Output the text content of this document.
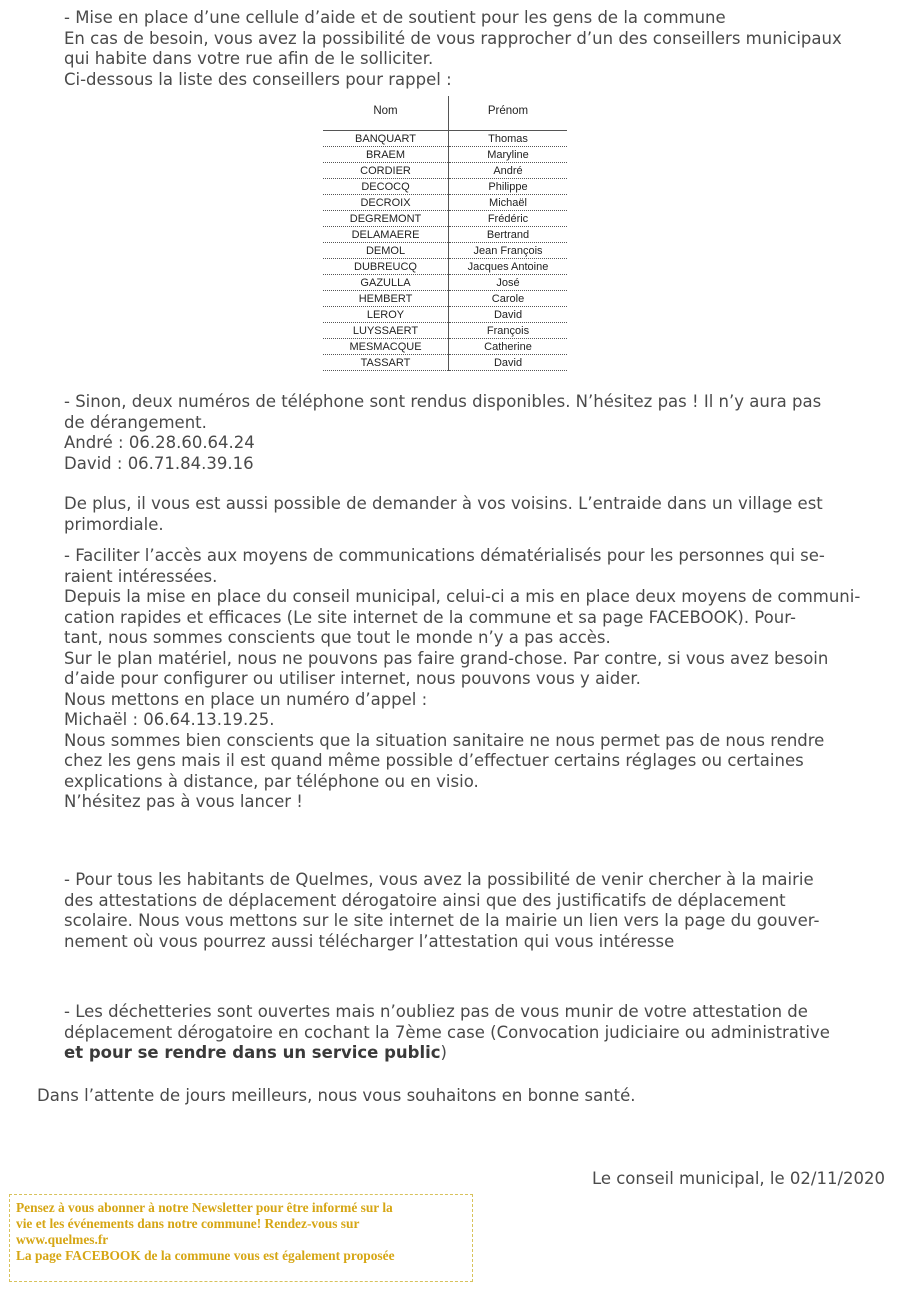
- Mise en place d’une cellule d’aide et de soutient pour les gens de la commune
En cas de besoin, vous avez la possibilité de vous rapprocher d’un des conseillers municipaux
qui habite dans votre rue afin de le solliciter.
Ci-dessous la liste des conseillers pour rappel :
Nom	Prénom

BANQUART	Thomas
BRAEM	Maryline
CORDIER	André
DECOCQ	Philippe
DECROIX	Michaël
DEGREMONT	Frédéric
DELAMAERE	Bertrand
DEMOL	Jean François
DUBREUCQ	Jacques Antoine
GAZULLA	José
HEMBERT	Carole
LEROY	David
LUYSSAERT	François
MESMACQUE	Catherine
TASSART	David
- Sinon, deux numéros de téléphone sont rendus disponibles. N’hésitez pas ! Il n’y aura pas
de dérangement.
André : 06.28.60.64.24
David : 06.71.84.39.16
De plus, il vous est aussi possible de demander à vos voisins. L’entraide dans un village est
primordiale.
- Faciliter l’accès aux moyens de communications dématérialisés pour les personnes qui se-
raient intéressées.
Depuis la mise en place du conseil municipal, celui-ci a mis en place deux moyens de communi-
cation rapides et efficaces (Le site internet de la commune et sa page FACEBOOK). Pour-
tant, nous sommes conscients que tout le monde n’y a pas accès.
Sur le plan matériel, nous ne pouvons pas faire grand-chose. Par contre, si vous avez besoin
d’aide pour configurer ou utiliser internet, nous pouvons vous y aider.
Nous mettons en place un numéro d’appel :
Michaël : 06.64.13.19.25.
Nous sommes bien conscients que la situation sanitaire ne nous permet pas de nous rendre
chez les gens mais il est quand même possible d’effectuer certains réglages ou certaines
explications à distance, par téléphone ou en visio.
N’hésitez pas à vous lancer !
- Pour tous les habitants de Quelmes, vous avez la possibilité de venir chercher à la mairie
des attestations de déplacement dérogatoire ainsi que des justificatifs de déplacement
scolaire. Nous vous mettons sur le site internet de la mairie un lien vers la page du gouver-
nement où vous pourrez aussi télécharger l’attestation qui vous intéresse
- Les déchetteries sont ouvertes mais n’oubliez pas de vous munir de votre attestation de
déplacement dérogatoire en cochant la 7ème case (Convocation judiciaire ou administrative
et pour se rendre dans un service public)
Dans l’attente de jours meilleurs, nous vous souhaitons en bonne santé.
Le conseil municipal, le 02/11/2020
Pensez à vous abonner à notre Newsletter pour être informé sur la
vie et les événements dans notre commune! Rendez-vous sur
www.quelmes.fr
La page FACEBOOK de la commune vous est également proposée
